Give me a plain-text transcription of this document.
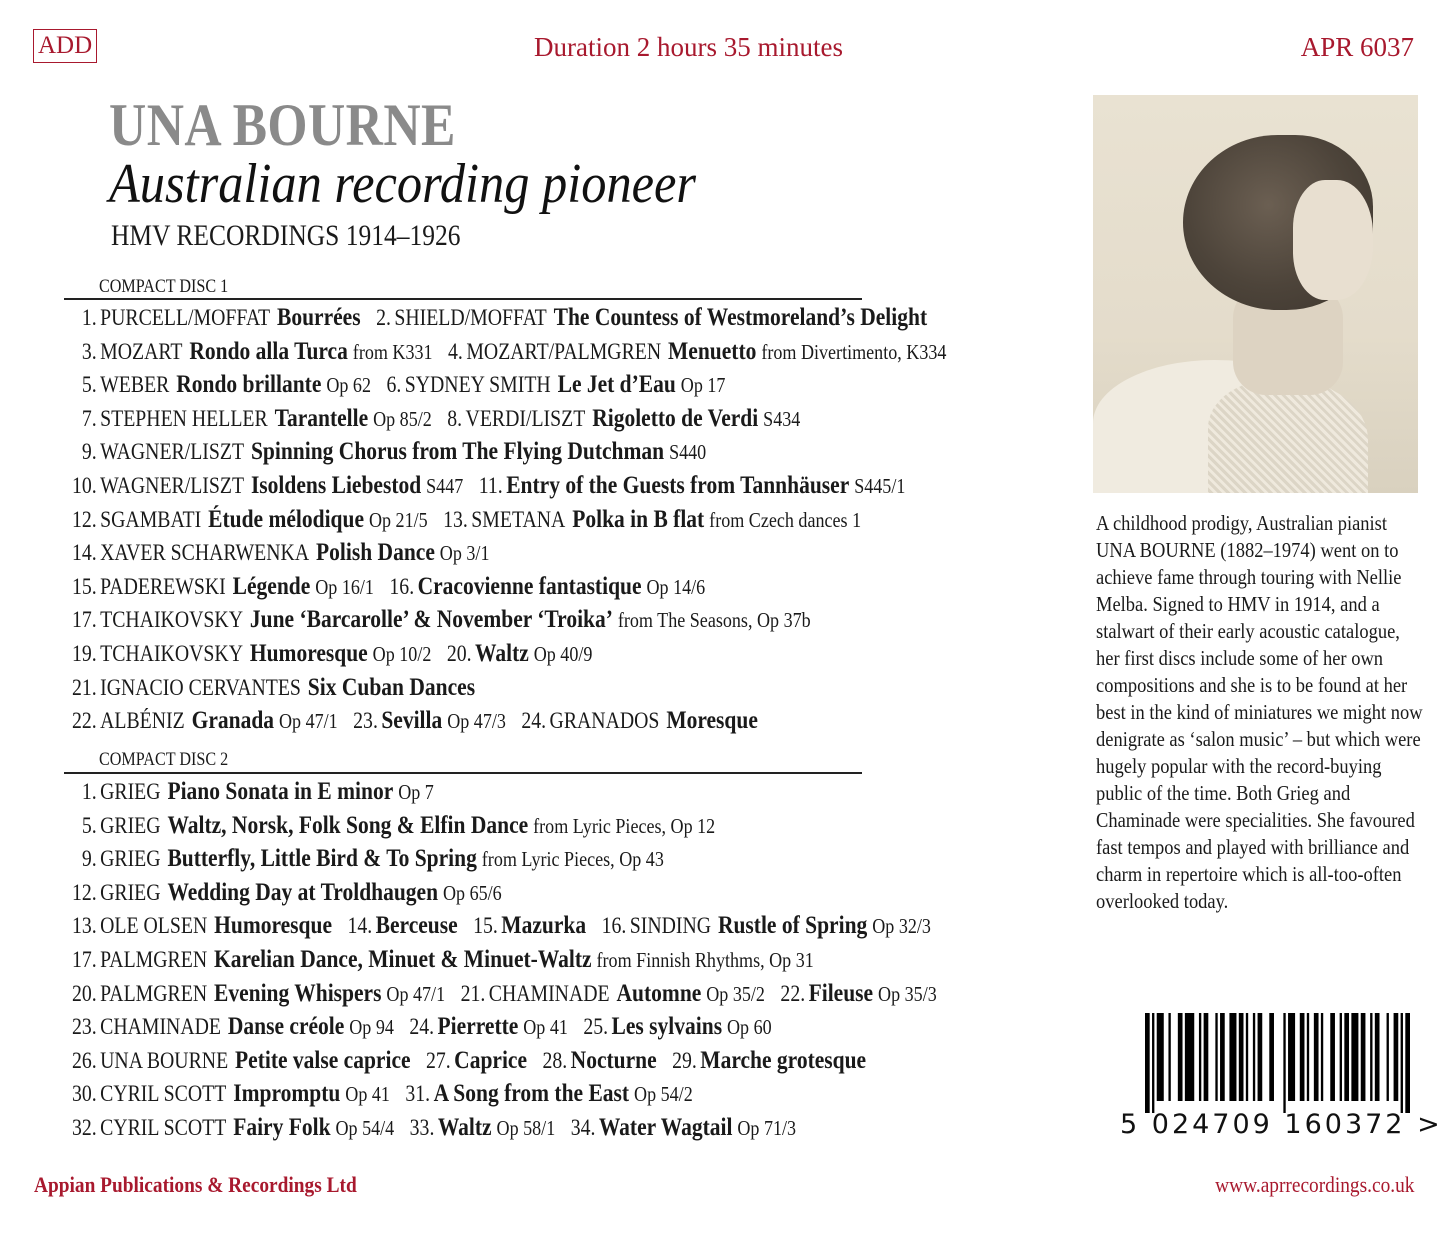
ADD	Duration 2 hours 35 minutes	APR 6037
UNA BOURNE
Australian recording pioneer
HMV RECORDINGS 1914–1926
COMPACT DISC 1
1. PURCELL/MOFFAT Bourrées 2. SHIELD/MOFFAT The Countess of Westmoreland’s Delight
3. MOZART Rondo alla Turca from K331 4. MOZART/PALMGREN Menuetto from Divertimento, K334
5. WEBER Rondo brillante Op 62 6. SYDNEY SMITH Le Jet d’Eau Op 17
7. STEPHEN HELLER Tarantelle Op 85/2 8. VERDI/LISZT Rigoletto de Verdi S434
9. WAGNER/LISZT Spinning Chorus from The Flying Dutchman S440
10. WAGNER/LISZT Isoldens Liebestod S447 11. Entry of the Guests from Tannhäuser S445/1
12. SGAMBATI Étude mélodique Op 21/5 13. SMETANA Polka in B flat from Czech dances 1
14. XAVER SCHARWENKA Polish Dance Op 3/1
15. PADEREWSKI Légende Op 16/1 16. Cracovienne fantastique Op 14/6
17. TCHAIKOVSKY June ‘Barcarolle’ & November ‘Troika’ from The Seasons, Op 37b
19. TCHAIKOVSKY Humoresque Op 10/2 20. Waltz Op 40/9
21. IGNACIO CERVANTES Six Cuban Dances
22. ALBÉNIZ Granada Op 47/1 23. Sevilla Op 47/3 24. GRANADOS Moresque
COMPACT DISC 2
1. GRIEG Piano Sonata in E minor Op 7
5. GRIEG Waltz, Norsk, Folk Song & Elfin Dance from Lyric Pieces, Op 12
9. GRIEG Butterfly, Little Bird & To Spring from Lyric Pieces, Op 43
12. GRIEG Wedding Day at Troldhaugen Op 65/6
13. OLE OLSEN Humoresque 14. Berceuse 15. Mazurka 16. SINDING Rustle of Spring Op 32/3
17. PALMGREN Karelian Dance, Minuet & Minuet-Waltz from Finnish Rhythms, Op 31
20. PALMGREN Evening Whispers Op 47/1 21. CHAMINADE Automne Op 35/2 22. Fileuse Op 35/3
23. CHAMINADE Danse créole Op 94 24. Pierrette Op 41 25. Les sylvains Op 60
26. UNA BOURNE Petite valse caprice 27. Caprice 28. Nocturne 29. Marche grotesque
30. CYRIL SCOTT Impromptu Op 41 31. A Song from the East Op 54/2
32. CYRIL SCOTT Fairy Folk Op 54/4 33. Waltz Op 58/1 34. Water Wagtail Op 71/3
A childhood prodigy, Australian pianist UNA BOURNE (1882–1974) went on to achieve fame through touring with Nellie Melba. Signed to HMV in 1914, and a stalwart of their early acoustic catalogue, her first discs include some of her own compositions and she is to be found at her best in the kind of miniatures we might now denigrate as ‘salon music’ – but which were hugely popular with the record-buying public of the time. Both Grieg and Chaminade were specialities. She favoured fast tempos and played with brilliance and charm in repertoire which is all-too-often overlooked today.
5 024709 160372 >
Appian Publications & Recordings Ltd	www.aprrecordings.co.uk
